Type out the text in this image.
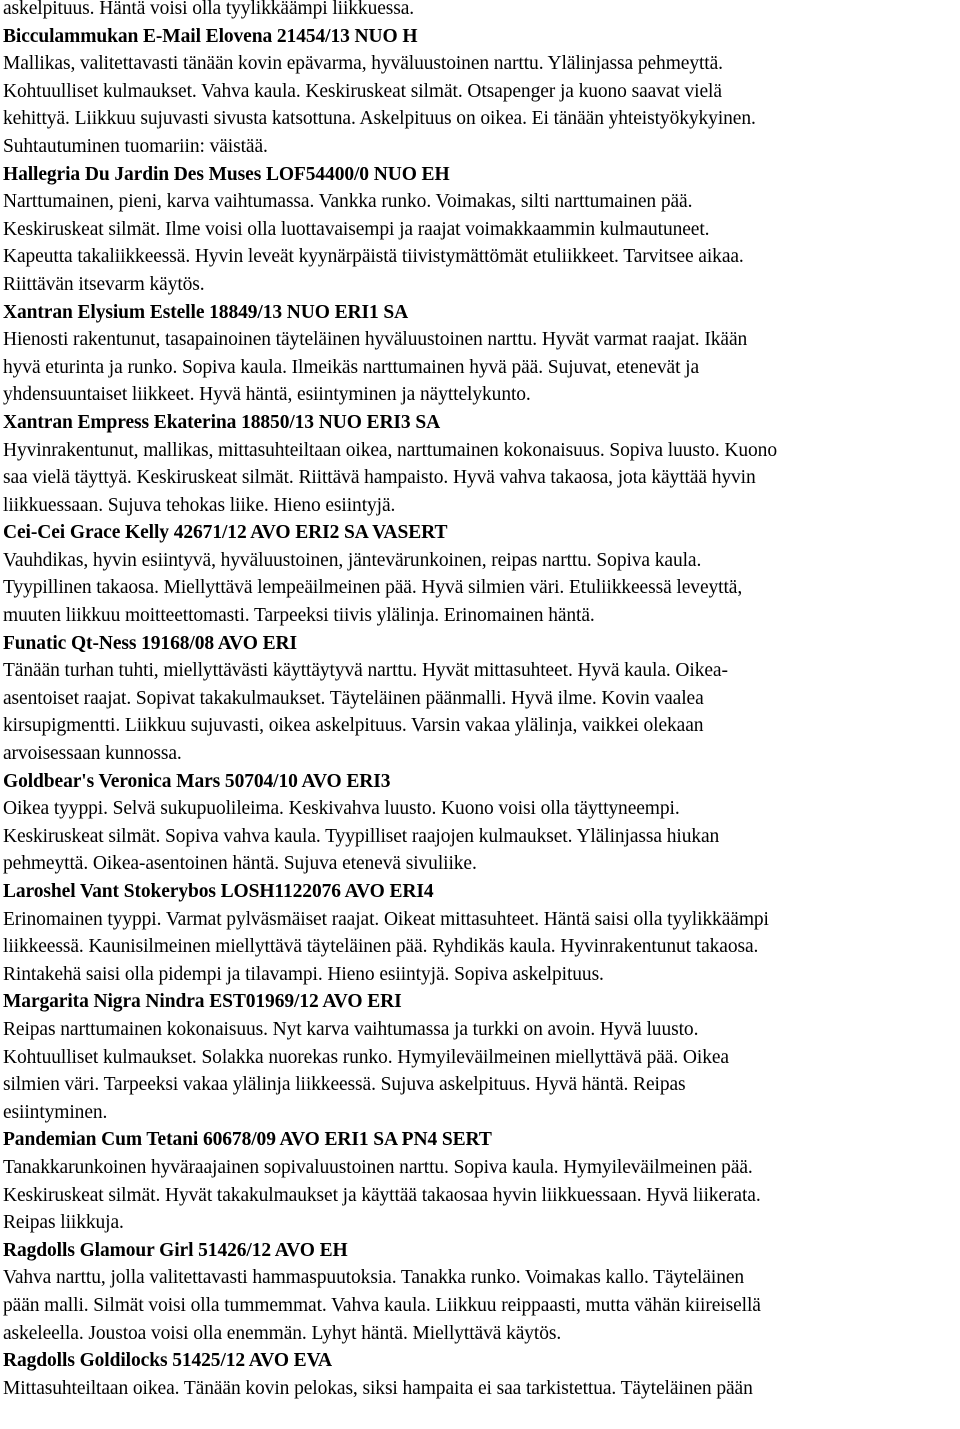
askelpituus. Häntä voisi olla tyylikkäämpi liikkuessa.
Bicculammukan E-Mail Elovena 21454/13 NUO H
Mallikas, valitettavasti tänään kovin epävarma, hyväluustoinen narttu. Ylälinjassa pehmeyttä.
Kohtuulliset kulmaukset. Vahva kaula. Keskiruskeat silmät. Otsapenger ja kuono saavat vielä
kehittyä. Liikkuu sujuvasti sivusta katsottuna. Askelpituus on oikea. Ei tänään yhteistyökykyinen.
Suhtautuminen tuomariin: väistää.
Hallegria Du Jardin Des Muses LOF54400/0 NUO EH
Narttumainen, pieni, karva vaihtumassa. Vankka runko. Voimakas, silti narttumainen pää.
Keskiruskeat silmät. Ilme voisi olla luottavaisempi ja raajat voimakkaammin kulmautuneet.
Kapeutta takaliikkeessä. Hyvin leveät kyynärpäistä tiivistymättömät etuliikkeet. Tarvitsee aikaa.
Riittävän itsevarm käytös.
Xantran Elysium Estelle 18849/13 NUO ERI1 SA
Hienosti rakentunut, tasapainoinen täyteläinen hyväluustoinen narttu. Hyvät varmat raajat. Ikään
hyvä eturinta ja runko. Sopiva kaula. Ilmeikäs narttumainen hyvä pää. Sujuvat, etenevät ja
yhdensuuntaiset liikkeet. Hyvä häntä, esiintyminen ja näyttelykunto.
Xantran Empress Ekaterina 18850/13 NUO ERI3 SA
Hyvinrakentunut, mallikas, mittasuhteiltaan oikea, narttumainen kokonaisuus. Sopiva luusto. Kuono
saa vielä täyttyä. Keskiruskeat silmät. Riittävä hampaisto. Hyvä vahva takaosa, jota käyttää hyvin
liikkuessaan. Sujuva tehokas liike. Hieno esiintyjä.
Cei-Cei Grace Kelly 42671/12 AVO ERI2 SA VASERT
Vauhdikas, hyvin esiintyvä, hyväluustoinen, jäntevärunkoinen, reipas narttu. Sopiva kaula.
Tyypillinen takaosa. Miellyttävä lempeäilmeinen pää. Hyvä silmien väri. Etuliikkeessä leveyttä,
muuten liikkuu moitteettomasti. Tarpeeksi tiivis ylälinja. Erinomainen häntä.
Funatic Qt-Ness 19168/08 AVO ERI
Tänään turhan tuhti, miellyttävästi käyttäytyvä narttu. Hyvät mittasuhteet. Hyvä kaula. Oikea-
asentoiset raajat. Sopivat takakulmaukset. Täyteläinen päänmalli. Hyvä ilme. Kovin vaalea
kirsupigmentti. Liikkuu sujuvasti, oikea askelpituus. Varsin vakaa ylälinja, vaikkei olekaan
arvoisessaan kunnossa.
Goldbear's Veronica Mars 50704/10 AVO ERI3
Oikea tyyppi. Selvä sukupuolileima. Keskivahva luusto. Kuono voisi olla täyttyneempi.
Keskiruskeat silmät. Sopiva vahva kaula. Tyypilliset raajojen kulmaukset. Ylälinjassa hiukan
pehmeyttä. Oikea-asentoinen häntä. Sujuva etenevä sivuliike.
Laroshel Vant Stokerybos LOSH1122076 AVO ERI4
Erinomainen tyyppi. Varmat pylväsmäiset raajat. Oikeat mittasuhteet. Häntä saisi olla tyylikkäämpi
liikkeessä. Kaunisilmeinen miellyttävä täyteläinen pää. Ryhdikäs kaula. Hyvinrakentunut takaosa.
Rintakehä saisi olla pidempi ja tilavampi. Hieno esiintyjä. Sopiva askelpituus.
Margarita Nigra Nindra EST01969/12 AVO ERI
Reipas narttumainen kokonaisuus. Nyt karva vaihtumassa ja turkki on avoin. Hyvä luusto.
Kohtuulliset kulmaukset. Solakka nuorekas runko. Hymyileväilmeinen miellyttävä pää. Oikea
silmien väri. Tarpeeksi vakaa ylälinja liikkeessä. Sujuva askelpituus. Hyvä häntä. Reipas
esiintyminen.
Pandemian Cum Tetani 60678/09 AVO ERI1 SA PN4 SERT
Tanakkarunkoinen hyväraajainen sopivaluustoinen narttu. Sopiva kaula. Hymyileväilmeinen pää.
Keskiruskeat silmät. Hyvät takakulmaukset ja käyttää takaosaa hyvin liikkuessaan. Hyvä liikerata.
Reipas liikkuja.
Ragdolls Glamour Girl 51426/12 AVO EH
Vahva narttu, jolla valitettavasti hammaspuutoksia. Tanakka runko. Voimakas kallo. Täyteläinen
pään malli. Silmät voisi olla tummemmat. Vahva kaula. Liikkuu reippaasti, mutta vähän kiireisellä
askeleella. Joustoa voisi olla enemmän. Lyhyt häntä. Miellyttävä käytös.
Ragdolls Goldilocks 51425/12 AVO EVA
Mittasuhteiltaan oikea. Tänään kovin pelokas, siksi hampaita ei saa tarkistettua. Täyteläinen pään
